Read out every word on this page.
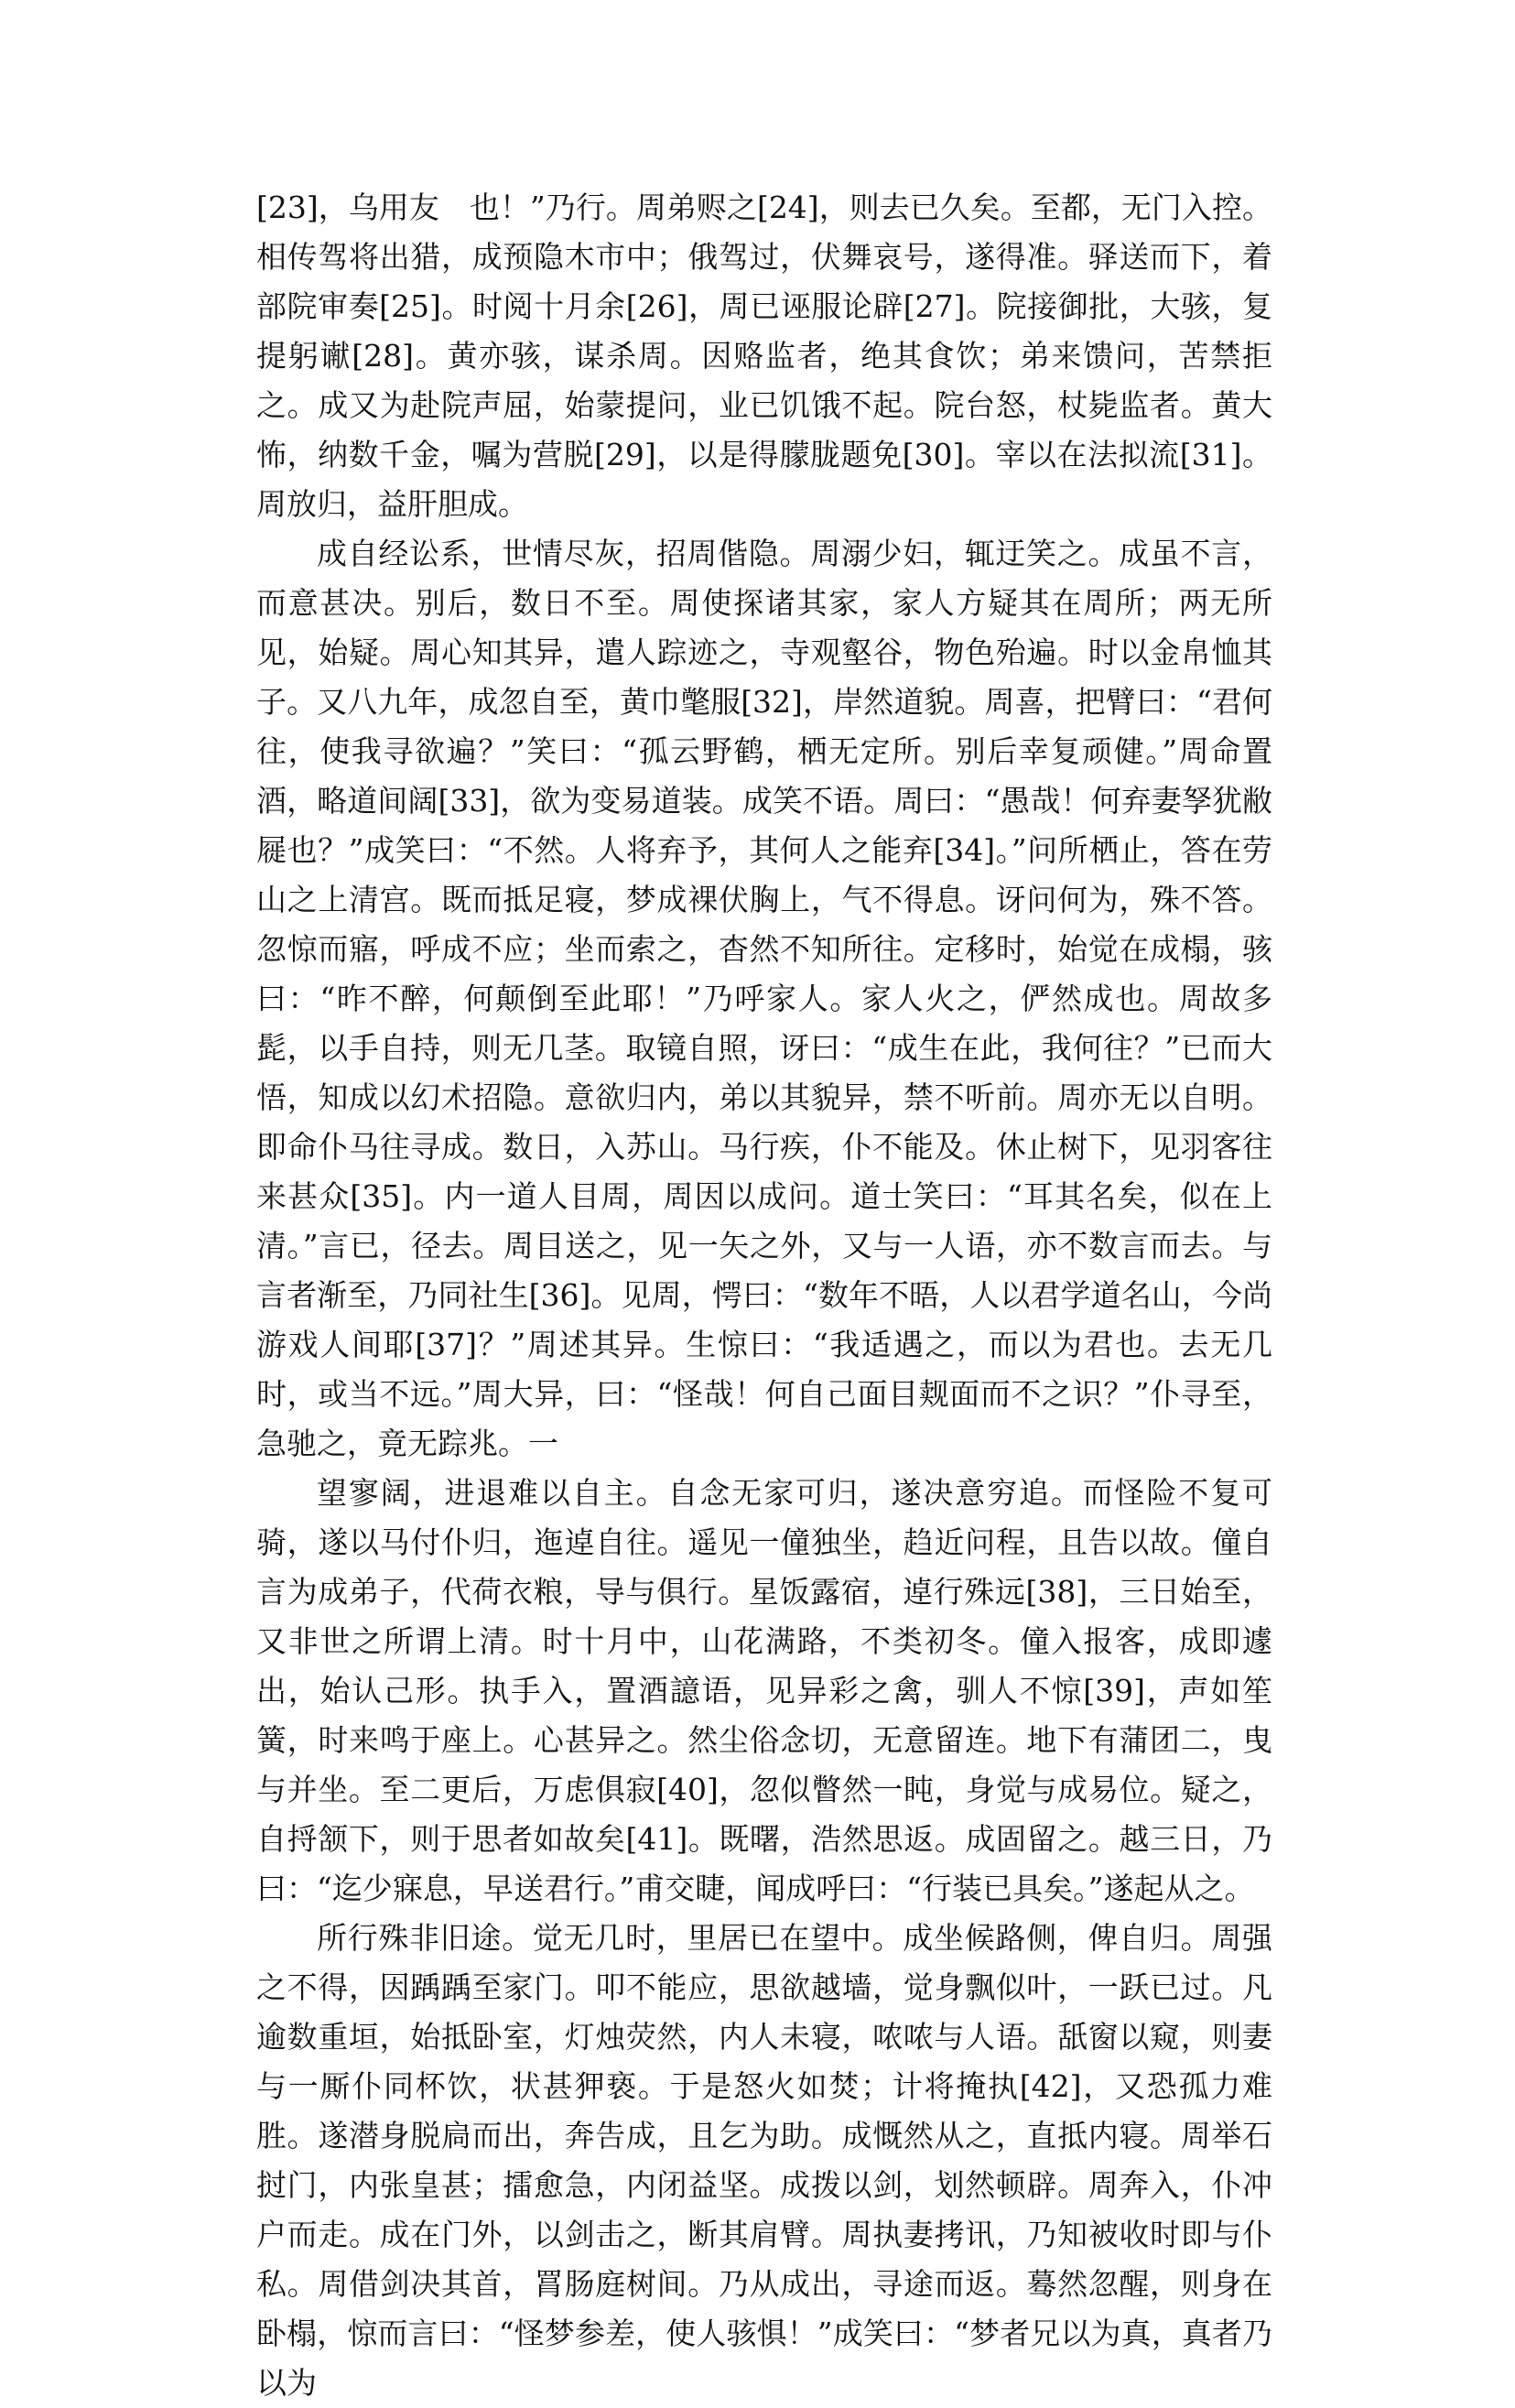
[23]，乌用友　也！”乃行。周弟赆之[24]，则去已久矣。至都，无门入控。相传驾将出猎，成预隐木市中；俄驾过，伏舞哀号，遂得准。驿送而下，着部院审奏[25]。时阅十月余[26]，周已诬服论辟[27]。院接御批，大骇，复提躬谳[28]。黄亦骇，谋杀周。因赂监者，绝其食饮；弟来馈问，苦禁拒之。成又为赴院声屈，始蒙提问，业已饥饿不起。院台怒，杖毙监者。黄大怖，纳数千金，嘱为营脱[29]，以是得朦胧题免[30]。宰以在法拟流[31]。周放归，益肝胆成。

成自经讼系，世情尽灰，招周偕隐。周溺少妇，辄迂笑之。成虽不言，而意甚决。别后，数日不至。周使探诸其家，家人方疑其在周所；两无所见，始疑。周心知其异，遣人踪迹之，寺观壑谷，物色殆遍。时以金帛恤其子。又八九年，成忽自至，黄巾氅服[32]，岸然道貌。周喜，把臂曰：“君何往，使我寻欲遍？”笑曰：“孤云野鹤，栖无定所。别后幸复顽健。”周命置酒，略道间阔[33]，欲为变易道装。成笑不语。周曰：“愚哉！何弃妻孥犹敝屣也？”成笑曰：“不然。人将弃予，其何人之能弃[34]。”问所栖止，答在劳山之上清宫。既而抵足寝，梦成裸伏胸上，气不得息。讶问何为，殊不答。忽惊而寤，呼成不应；坐而索之，杳然不知所往。定移时，始觉在成榻，骇曰：“昨不醉，何颠倒至此耶！”乃呼家人。家人火之，俨然成也。周故多髭，以手自持，则无几茎。取镜自照，讶曰：“成生在此，我何往？”已而大悟，知成以幻术招隐。意欲归内，弟以其貌异，禁不听前。周亦无以自明。即命仆马往寻成。数日，入苏山。马行疾，仆不能及。休止树下，见羽客往来甚众[35]。内一道人目周，周因以成问。道士笑曰：“耳其名矣，似在上清。”言已，径去。周目送之，见一矢之外，又与一人语，亦不数言而去。与言者渐至，乃同社生[36]。见周，愕曰：“数年不晤，人以君学道名山，今尚游戏人间耶[37]？”周述其异。生惊曰：“我适遇之，而以为君也。去无几时，或当不远。”周大异，曰：“怪哉！何自己面目觌面而不之识？”仆寻至，急驰之，竟无踪兆。一

望寥阔，进退难以自主。自念无家可归，遂决意穷追。而怪险不复可骑，遂以马付仆归，迤逴自往。遥见一僮独坐，趋近问程，且告以故。僮自言为成弟子，代荷衣粮，导与俱行。星饭露宿，逴行殊远[38]，三日始至，又非世之所谓上清。时十月中，山花满路，不类初冬。僮入报客，成即遽出，始认己形。执手入，置酒譩语，见异彩之禽，驯人不惊[39]，声如笙簧，时来鸣于座上。心甚异之。然尘俗念切，无意留连。地下有蒲团二，曳与并坐。至二更后，万虑俱寂[40]，忽似瞥然一盹，身觉与成易位。疑之，自捋颔下，则于思者如故矣[41]。既曙，浩然思返。成固留之。越三日，乃曰：“迄少寐息，早送君行。”甫交睫，闻成呼曰：“行装已具矣。”遂起从之。

所行殊非旧途。觉无几时，里居已在望中。成坐候路侧，俾自归。周强之不得，因踽踽至家门。叩不能应，思欲越墙，觉身飘似叶，一跃已过。凡逾数重垣，始抵卧室，灯烛荧然，内人未寝，哝哝与人语。舐窗以窥，则妻与一厮仆同杯饮，状甚狎亵。于是怒火如焚；计将掩执[42]，又恐孤力难胜。遂潜身脱扃而出，奔告成，且乞为助。成慨然从之，直抵内寝。周举石挝门，内张皇甚；擂愈急，内闭益坚。成拨以剑，划然顿辟。周奔入，仆冲户而走。成在门外，以剑击之，断其肩臂。周执妻拷讯，乃知被收时即与仆私。周借剑决其首，罥肠庭树间。乃从成出，寻途而返。蓦然忽醒，则身在卧榻，惊而言曰：“怪梦参差，使人骇惧！”成笑曰：“梦者兄以为真，真者乃以为
